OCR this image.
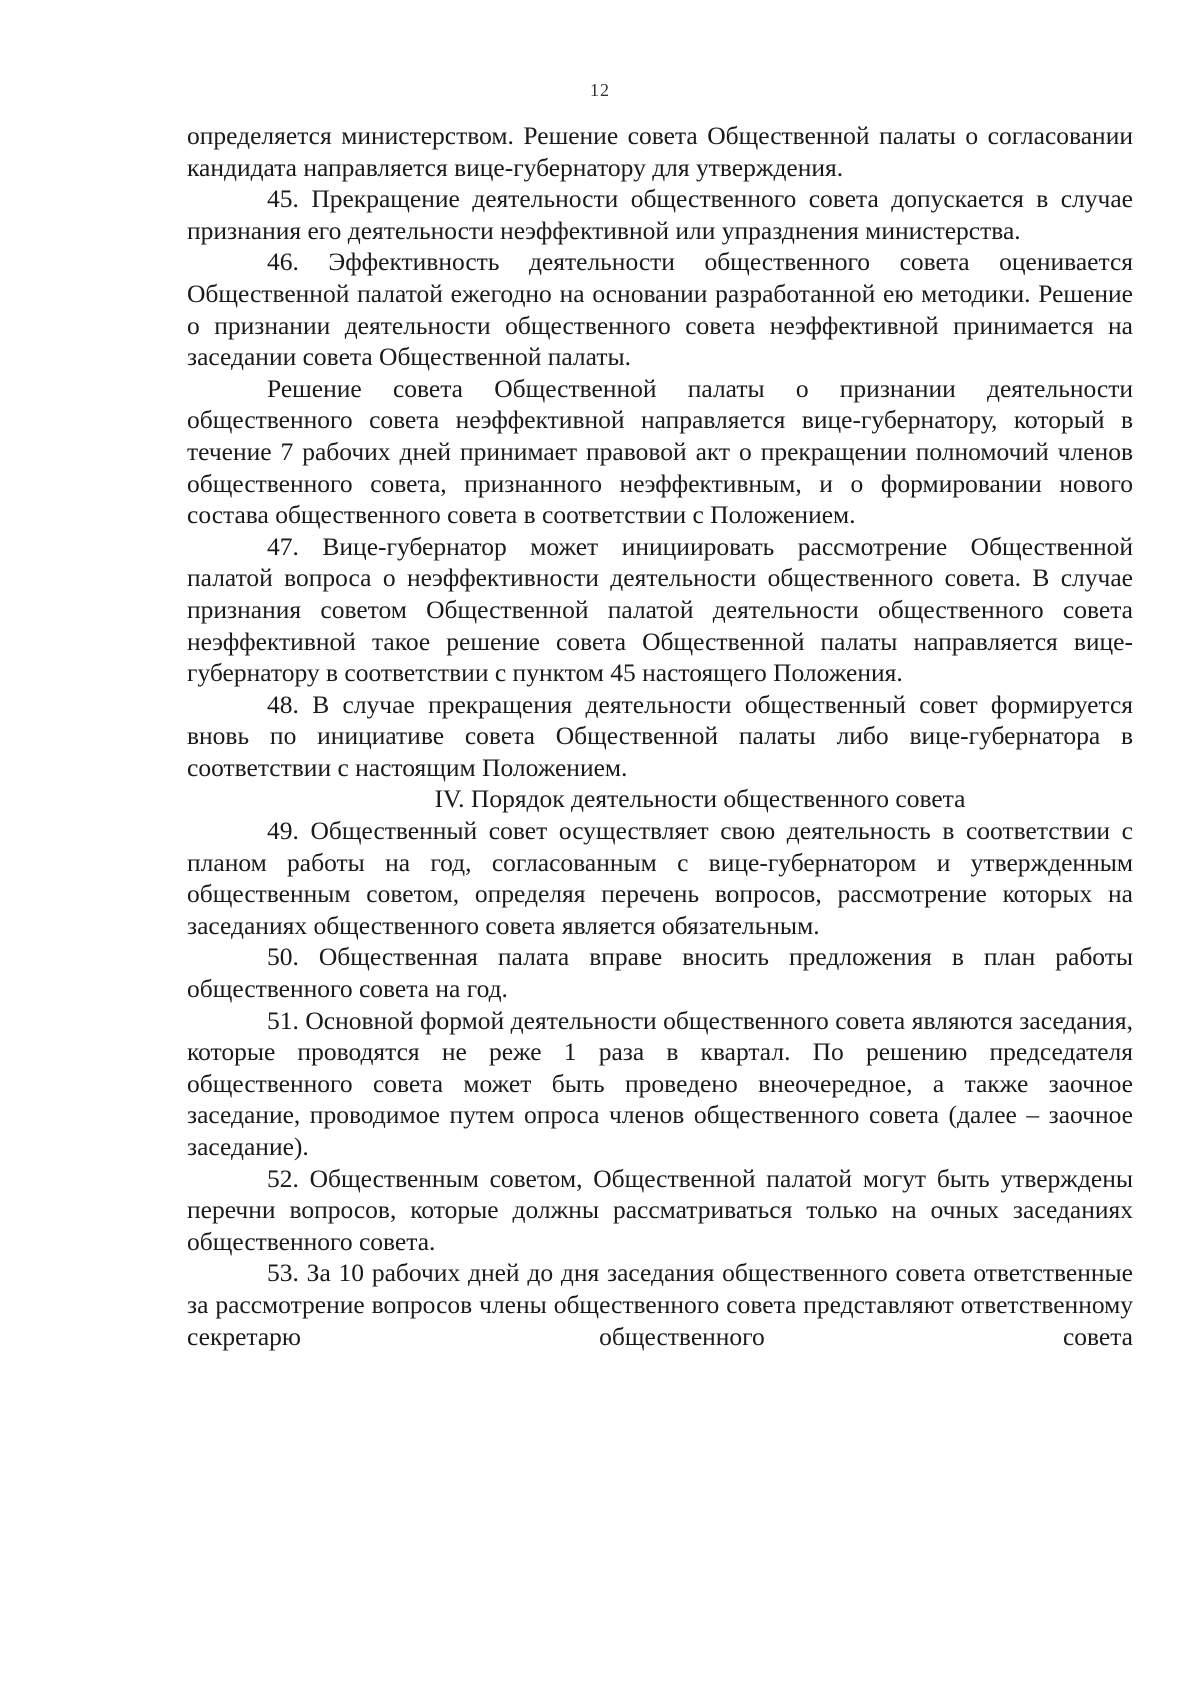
12

определяется министерством. Решение совета Общественной палаты о согласовании кандидата направляется вице-губернатору для утверждения.

45. Прекращение деятельности общественного совета допускается в случае признания его деятельности неэффективной или упразднения министерства.

46. Эффективность деятельности общественного совета оценивается Общественной палатой ежегодно на основании разработанной ею методики. Решение о признании деятельности общественного совета неэффективной принимается на заседании совета Общественной палаты.

Решение совета Общественной палаты о признании деятельности общественного совета неэффективной направляется вице-губернатору, который в течение 7 рабочих дней принимает правовой акт о прекращении полномочий членов общественного совета, признанного неэффективным, и о формировании нового состава общественного совета в соответствии с Положением.

47. Вице-губернатор может инициировать рассмотрение Общественной палатой вопроса о неэффективности деятельности общественного совета. В случае признания советом Общественной палатой деятельности общественного совета неэффективной такое решение совета Общественной палаты направляется вице-губернатору в соответствии с пунктом 45 настоящего Положения.

48. В случае прекращения деятельности общественный совет формируется вновь по инициативе совета Общественной палаты либо вице-губернатора в соответствии с настоящим Положением.

IV. Порядок деятельности общественного совета

49. Общественный совет осуществляет свою деятельность в соответствии с планом работы на год, согласованным с вице-губернатором и утвержденным общественным советом, определяя перечень вопросов, рассмотрение которых на заседаниях общественного совета является обязательным.

50. Общественная палата вправе вносить предложения в план работы общественного совета на год.

51. Основной формой деятельности общественного совета являются заседания, которые проводятся не реже 1 раза в квартал. По решению председателя общественного совета может быть проведено внеочередное, а также заочное заседание, проводимое путем опроса членов общественного совета (далее – заочное заседание).

52. Общественным советом, Общественной палатой могут быть утверждены перечни вопросов, которые должны рассматриваться только на очных заседаниях общественного совета.

53. За 10 рабочих дней до дня заседания общественного совета ответственные за рассмотрение вопросов члены общественного совета представляют ответственному секретарю общественного совета
